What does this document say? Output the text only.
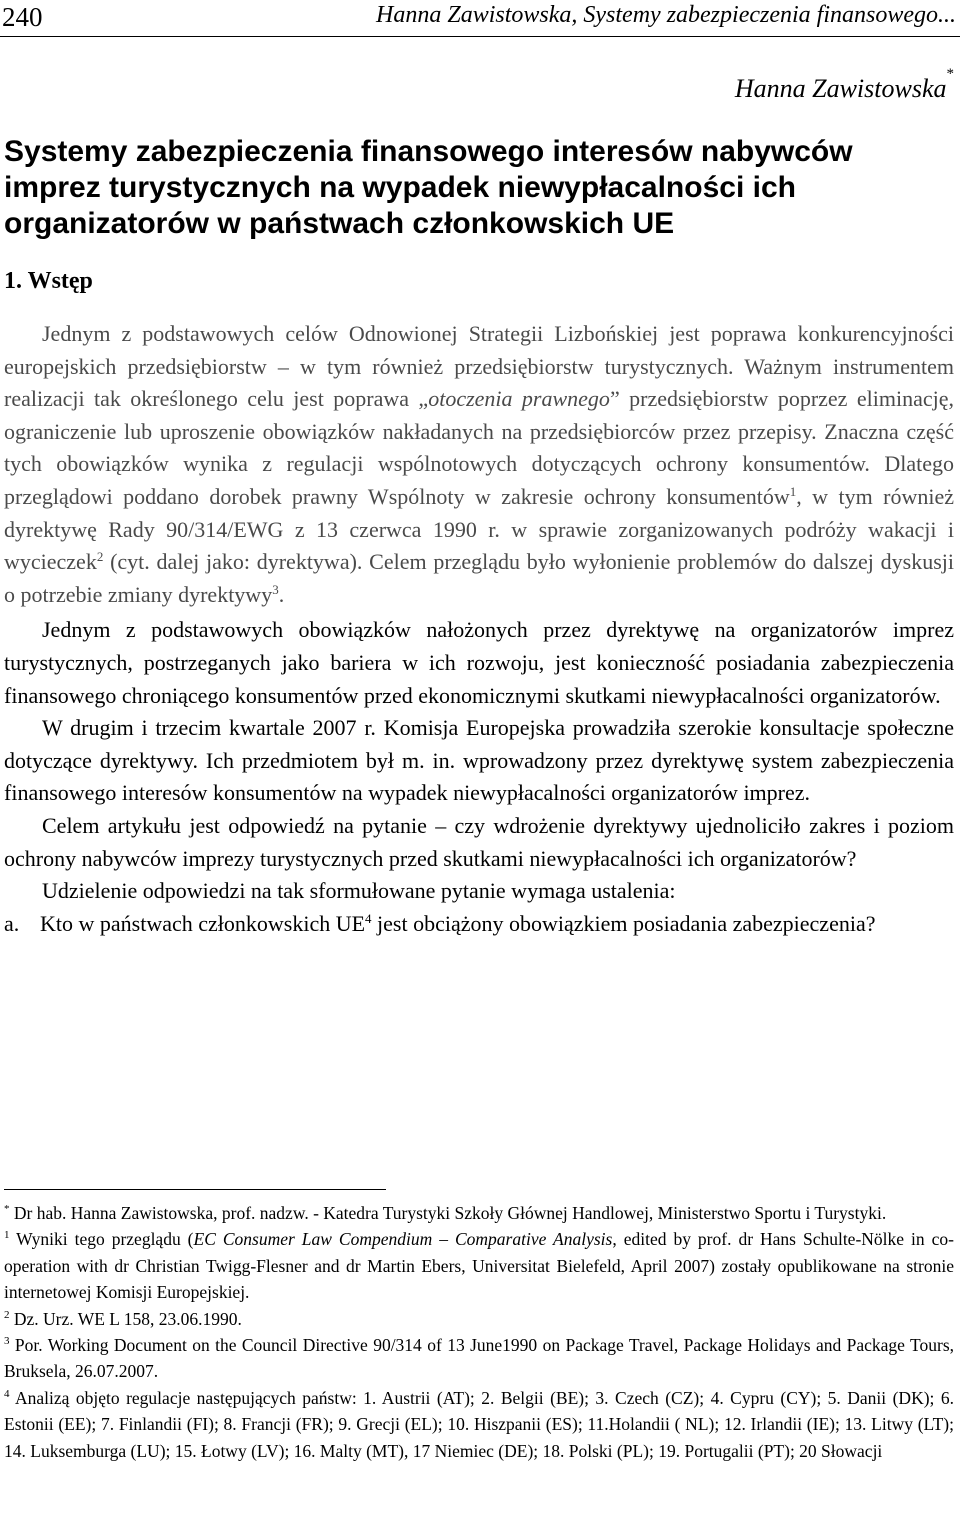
240	Hanna Zawistowska, Systemy zabezpieczenia finansowego...
Hanna Zawistowska*
Systemy zabezpieczenia finansowego interesów nabywców imprez turystycznych na wypadek niewypłacalności ich organizatorów w państwach członkowskich UE
1. Wstęp

Jednym z podstawowych celów Odnowionej Strategii Lizbońskiej jest poprawa konkurencyjności europejskich przedsiębiorstw – w tym również przedsiębiorstw turystycznych. Ważnym instrumentem realizacji tak określonego celu jest poprawa „otoczenia prawnego” przedsiębiorstw poprzez eliminację, ograniczenie lub uproszenie obowiązków nakładanych na przedsiębiorców przez przepisy. Znaczna część tych obowiązków wynika z regulacji wspólnotowych dotyczących ochrony konsumentów. Dlatego przeglądowi poddano dorobek prawny Wspólnoty w zakresie ochrony konsumentów$^1$, w tym również dyrektywę Rady 90/314/EWG z 13 czerwca 1990 r. w sprawie zorganizowanych podróży wakacji i wycieczek$^2$ (cyt. dalej jako: dyrektywa). Celem przeglądu było wyłonienie problemów do dalszej dyskusji o potrzebie zmiany dyrektywy$^3$.

Jednym z podstawowych obowiązków nałożonych przez dyrektywę na organizatorów imprez turystycznych, postrzeganych jako bariera w ich rozwoju, jest konieczność posiadania zabezpieczenia finansowego chroniącego konsumentów przed ekonomicznymi skutkami niewypłacalności organizatorów.

W drugim i trzecim kwartale 2007 r. Komisja Europejska prowadziła szerokie konsultacje społeczne dotyczące dyrektywy. Ich przedmiotem był m. in. wprowadzony przez dyrektywę system zabezpieczenia finansowego interesów konsumentów na wypadek niewypłacalności organizatorów imprez.

Celem artykułu jest odpowiedź na pytanie – czy wdrożenie dyrektywy ujednoliciło zakres i poziom ochrony nabywców imprezy turystycznych przed skutkami niewypłacalności ich organizatorów?

Udzielenie odpowiedzi na tak sformułowane pytanie wymaga ustalenia:

a. Kto w państwach członkowskich $UE^4$ jest obciążony obowiązkiem posiadania zabezpieczenia?

* Dr hab. Hanna Zawistowska, prof. nadzw. - Katedra Turystyki Szkoły Głównej Handlowej, Ministerstwo Sportu i Turystyki.

$^1$ Wyniki tego przeglądu (EC Consumer Law Compendium – Comparative Analysis, edited by prof. dr Hans Schulte-Nölke in co-operation with dr Christian Twigg-Flesner and dr Martin Ebers, Universitat Bielefeld, April 2007) zostały opublikowane na stronie internetowej Komisji Europejskiej.

$^2$ Dz. Urz. WE L 158, 23.06.1990.

$^3$ Por. Working Document on the Council Directive 90/314 of 13 June1990 on Package Travel, Package Holidays and Package Tours, Bruksela, 26.07.2007.

$^4$ Analizą objęto regulacje następujących państw: 1. Austrii (AT); 2. Belgii (BE); 3. Czech (CZ); 4. Cypru (CY); 5. Danii (DK); 6. Estonii (EE); 7. Finlandii (FI); 8. Francji (FR); 9. Grecji (EL); 10. Hiszpanii (ES); 11.Holandii ( NL); 12. Irlandii (IE); 13. Litwy (LT); 14. Luksemburga (LU); 15. Łotwy (LV); 16. Malty (MT), 17 Niemiec (DE); 18. Polski (PL); 19. Portugalii (PT); 20 Słowacji
